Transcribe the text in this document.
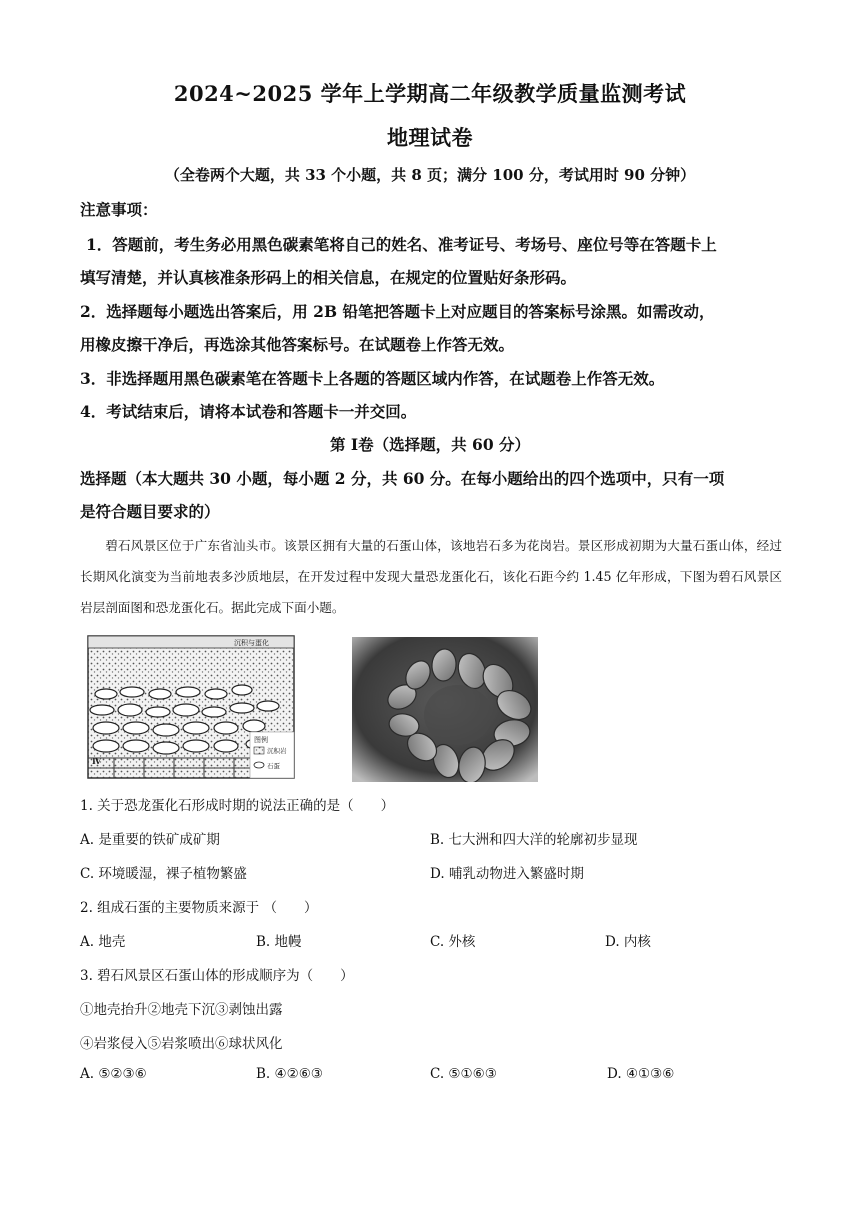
2024~2025 学年上学期高二年级教学质量监测考试
地理试卷
（全卷两个大题，共 33 个小题，共 8 页；满分 100 分，考试用时 90 分钟）
注意事项：
1．答题前，考生务必用黑色碳素笔将自己的姓名、准考证号、考场号、座位号等在答题卡上
填写清楚，并认真核准条形码上的相关信息，在规定的位置贴好条形码。
2．选择题每小题选出答案后，用 2B 铅笔把答题卡上对应题目的答案标号涂黑。如需改动，
用橡皮擦干净后，再选涂其他答案标号。在试题卷上作答无效。
3．非选择题用黑色碳素笔在答题卡上各题的答题区域内作答，在试题卷上作答无效。
4．考试结束后，请将本试卷和答题卡一并交回。
第 Ⅰ卷（选择题，共 60 分）
选择题（本大题共 30 小题，每小题 2 分，共 60 分。在每小题给出的四个选项中，只有一项
是符合题目要求的）
碧石风景区位于广东省汕头市。该景区拥有大量的石蛋山体，该地岩石多为花岗岩。景区形成初期为大量石蛋山体，经过长期风化演变为当前地表多沙质地层，在开发过程中发现大量恐龙蛋化石，该化石距今约 1.45 亿年形成，下图为碧石风景区岩层剖面图和恐龙蛋化石。据此完成下面小题。
沉积与蛋化
图例
沉积岩
石蛋
Ⅳ
1. 关于恐龙蛋化石形成时期的说法正确的是（　　）
A. 是重要的铁矿成矿期	B. 七大洲和四大洋的轮廓初步显现
C. 环境暖湿，裸子植物繁盛	D. 哺乳动物进入繁盛时期
2. 组成石蛋的主要物质来源于 （　　）
A. 地壳	B. 地幔	C. 外核	D. 内核
3. 碧石风景区石蛋山体的形成顺序为（　　）
①地壳抬升②地壳下沉③剥蚀出露
④岩浆侵入⑤岩浆喷出⑥球状风化
A. ⑤②③⑥	B. ④②⑥③	C. ⑤①⑥③	D. ④①③⑥
